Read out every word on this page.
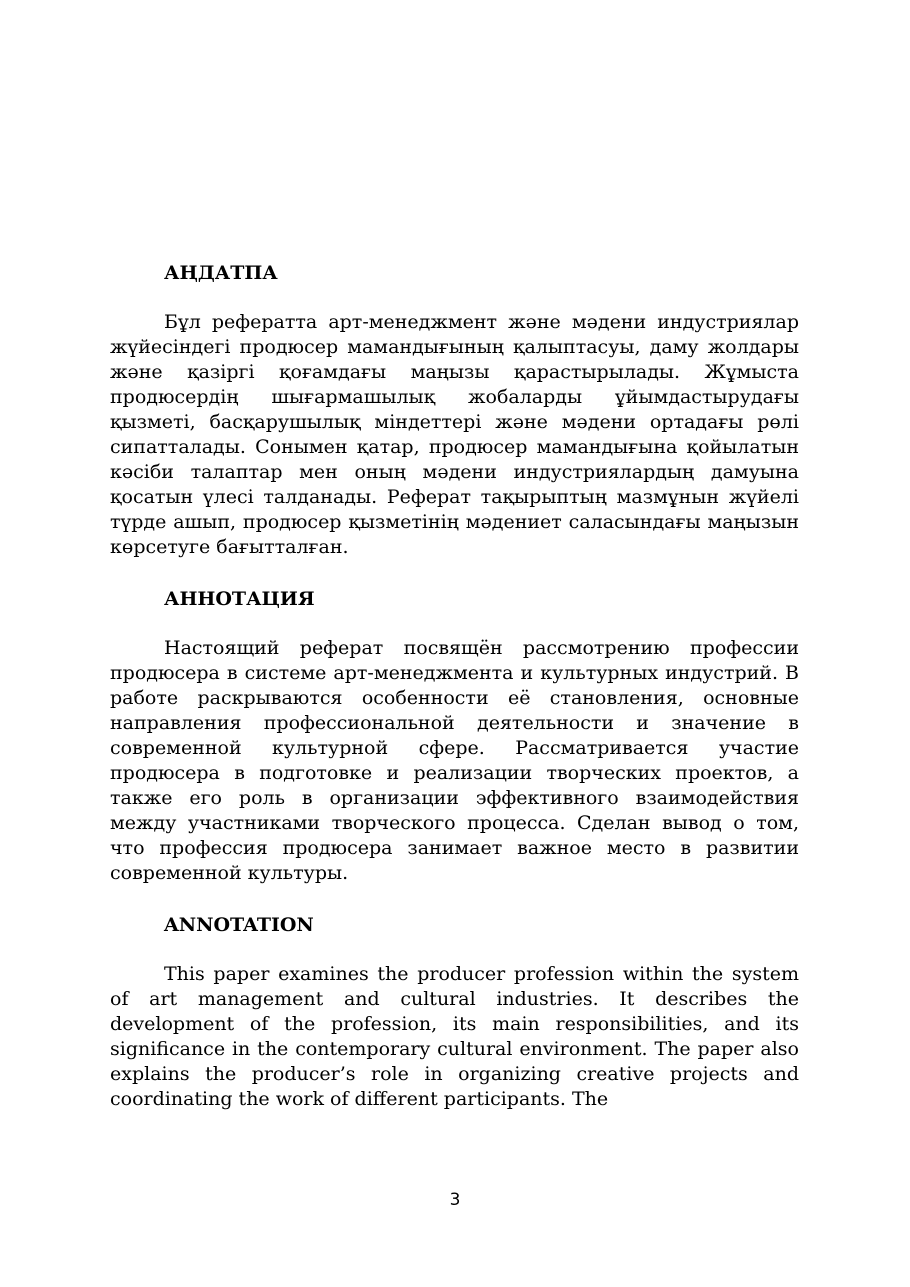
АҢДАТПА

Бұл рефератта арт-менеджмент және мәдени индустриялар жүйесіндегі продюсер мамандығының қалыптасуы, даму жолдары және қазіргі қоғамдағы маңызы қарастырылады. Жұмыста продюсердің шығармашылық жобаларды ұйымдастырудағы қызметі, басқарушылық міндеттері және мәдени ортадағы рөлі сипатталады. Сонымен қатар, продюсер мамандығына қойылатын кәсіби талаптар мен оның мәдени индустриялардың дамуына қосатын үлесі талданады. Реферат тақырыптың мазмұнын жүйелі түрде ашып, продюсер қызметінің мәдениет саласындағы маңызын көрсетуге бағытталған.

АННОТАЦИЯ

Настоящий реферат посвящён рассмотрению профессии продюсера в системе арт-менеджмента и культурных индустрий. В работе раскрываются особенности её становления, основные направления профессиональной деятельности и значение в современной культурной сфере. Рассматривается участие продюсера в подготовке и реализации творческих проектов, а также его роль в организации эффективного взаимодействия между участниками творческого процесса. Сделан вывод о том, что профессия продюсера занимает важное место в развитии современной культуры.

ANNOTATION

This paper examines the producer profession within the system of art management and cultural industries. It describes the development of the profession, its main responsibilities, and its significance in the contemporary cultural environment. The paper also explains the producer’s role in organizing creative projects and coordinating the work of different participants. The

3
